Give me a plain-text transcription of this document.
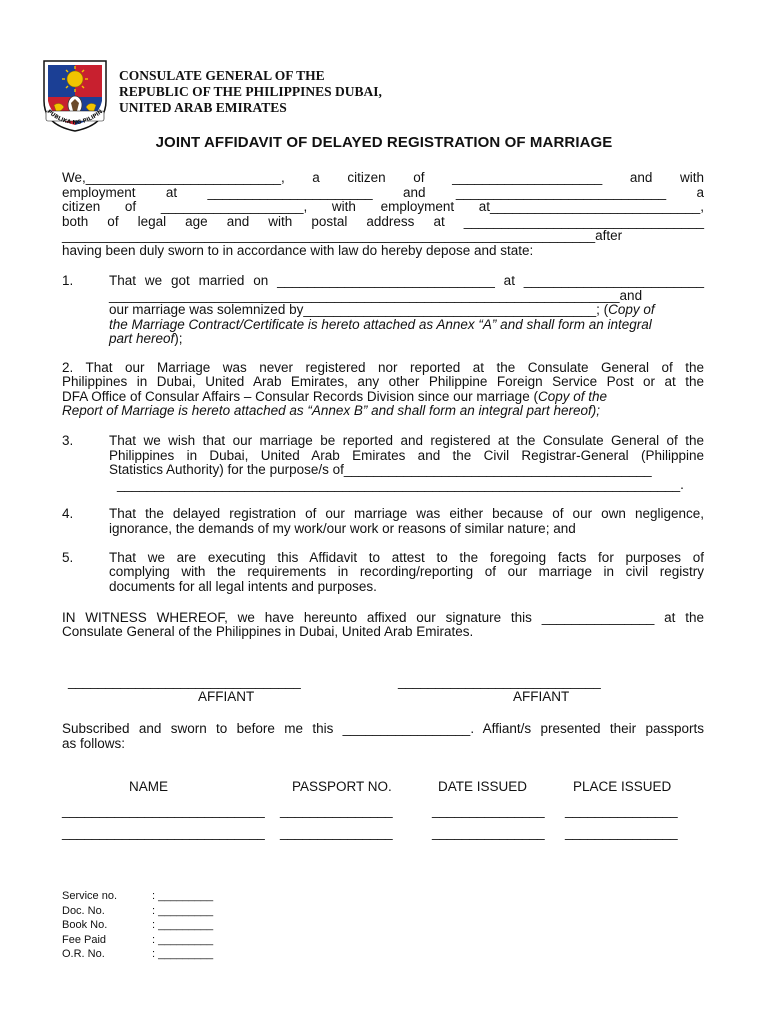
PUBLIKA NG PILIPIN
CONSULATE GENERAL OF THE
REPUBLIC OF THE PHILIPPINES DUBAI,
UNITED ARAB EMIRATES
JOINT AFFIDAVIT OF DELAYED REGISTRATION OF MARRIAGE
We,__________________________, a citizen of ____________________ and with
employment at ______________________ and ____________________________ a
citizen of ___________________, with employment at____________________________,
both of legal age and with postal address at ________________________________
_______________________________________________________________________after
having been duly sworn to in accordance with law do hereby depose and state:
1.	That we got married on _____________________________ at ________________________
____________________________________________________________________and
our marriage was solemnized by_______________________________________; (Copy of
the Marriage Contract/Certificate is hereto attached as Annex “A” and shall form an integral
part hereof);
2. That our Marriage was never registered nor reported at the Consulate General of the
Philippines in Dubai, United Arab Emirates, any other Philippine Foreign Service Post or at the
DFA Office of Consular Affairs – Consular Records Division since our marriage (Copy of the
Report of Marriage is hereto attached as “Annex B” and shall form an integral part hereof);
3.	That we wish that our marriage be reported and registered at the Consulate General of the
Philippines in Dubai, United Arab Emirates and the Civil Registrar-General (Philippine
Statistics Authority) for the purpose/s of_________________________________________
___________________________________________________________________________.
4.	That the delayed registration of our marriage was either because of our own negligence,
ignorance, the demands of my work/our work or reasons of similar nature; and
5.	That we are executing this Affidavit to attest to the foregoing facts for purposes of
complying with the requirements in recording/reporting of our marriage in civil registry
documents for all legal intents and purposes.
IN WITNESS WHEREOF, we have hereunto affixed our signature this _______________ at the
Consulate General of the Philippines in Dubai, United Arab Emirates.
_______________________________	___________________________
AFFIANT	AFFIANT
Subscribed and sworn to before me this _________________. Affiant/s presented their passports
as follows:
NAME	PASSPORT NO.	DATE ISSUED	PLACE ISSUED
___________________________ _______________	_______________ _______________
___________________________ _______________	_______________ _______________
Service no.	: _________
Doc. No.	: _________
Book No.	: _________
Fee Paid	: _________
O.R. No.	: _________
